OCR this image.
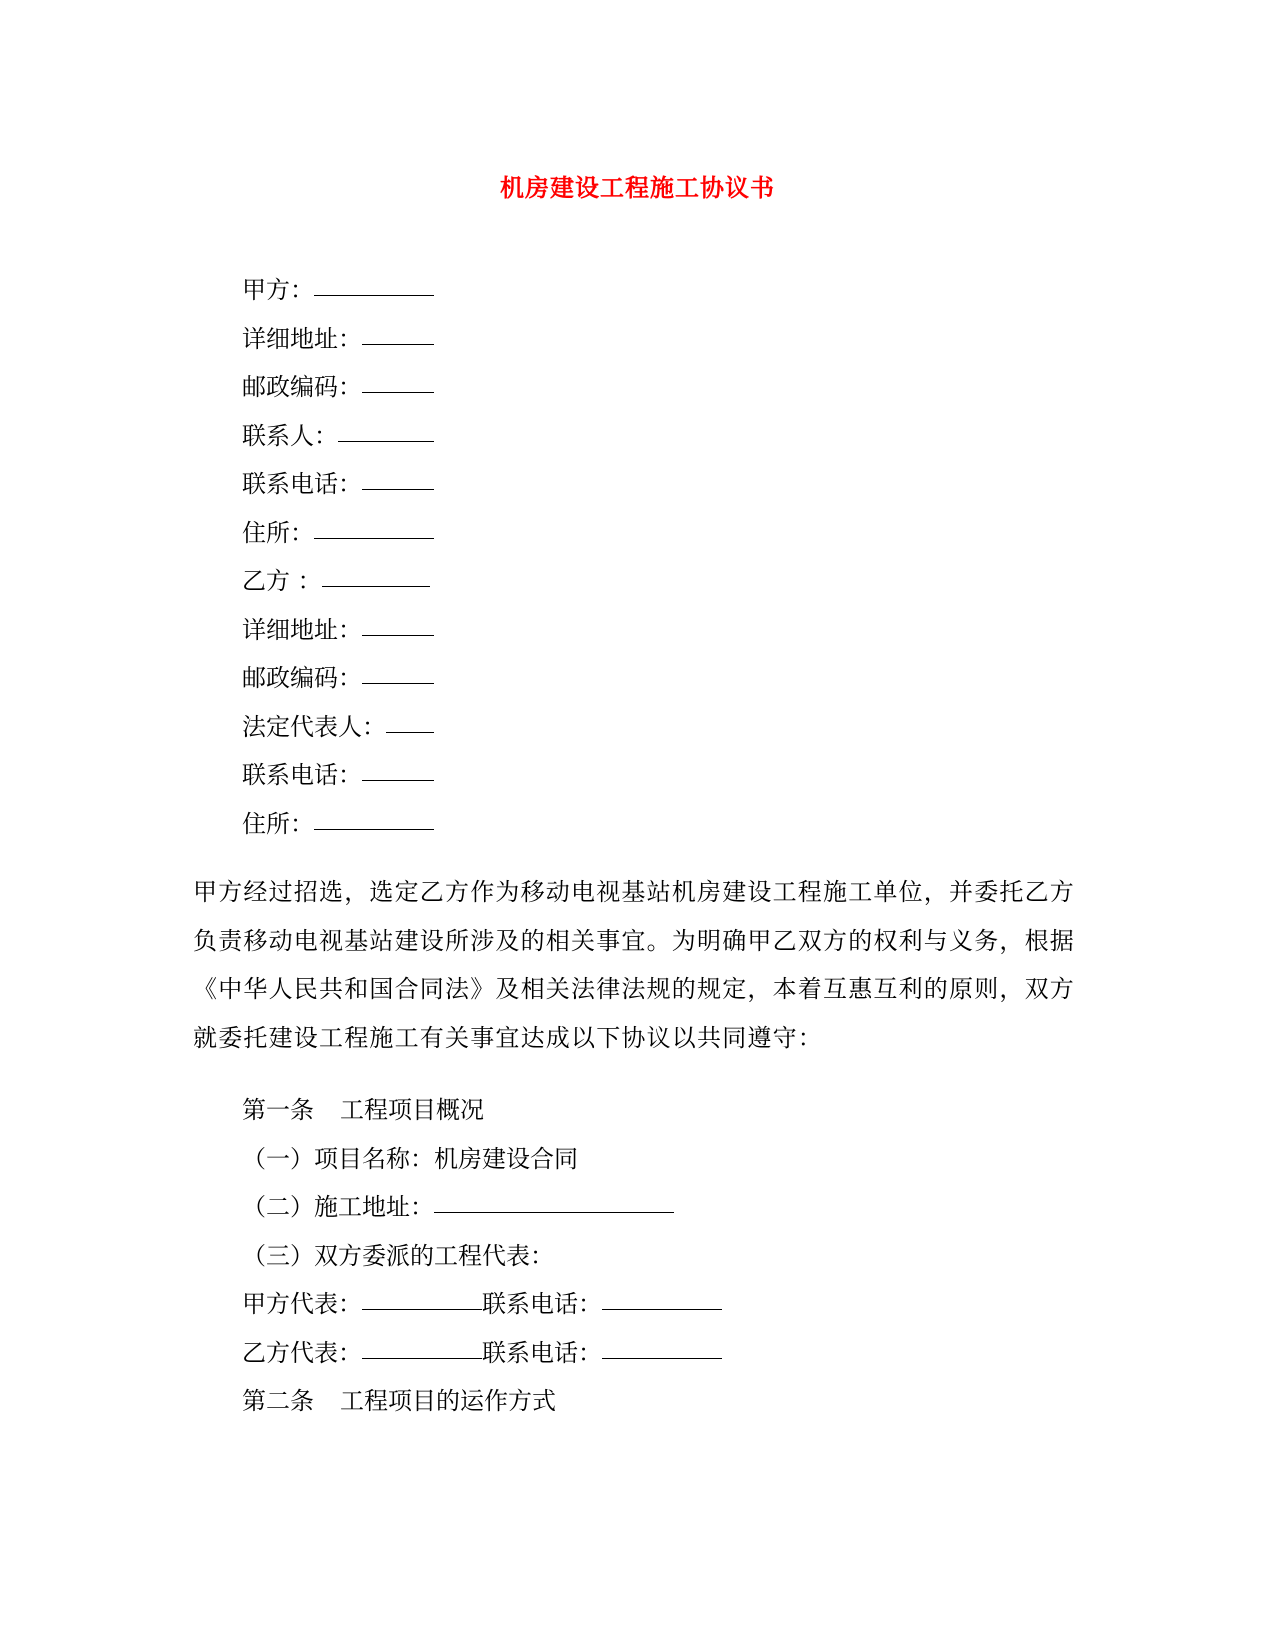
机房建设工程施工协议书
甲方：
详细地址：
邮政编码：
联系人：
联系电话：
住所：
乙方 ：
详细地址：
邮政编码：
法定代表人：
联系电话：
住所：
甲方经过招选，选定乙方作为移动电视基站机房建设工程施工单位，并委托乙方
负责移动电视基站建设所涉及的相关事宜。为明确甲乙双方的权利与义务，根据
《中华人民共和国合同法》及相关法律法规的规定，本着互惠互利的原则，双方
就委托建设工程施工有关事宜达成以下协议以共同遵守：
第一条 工程项目概况
（一）项目名称：机房建设合同
（二）施工地址：
（三）双方委派的工程代表：
甲方代表：	联系电话：
乙方代表：	联系电话：
第二条 工程项目的运作方式
